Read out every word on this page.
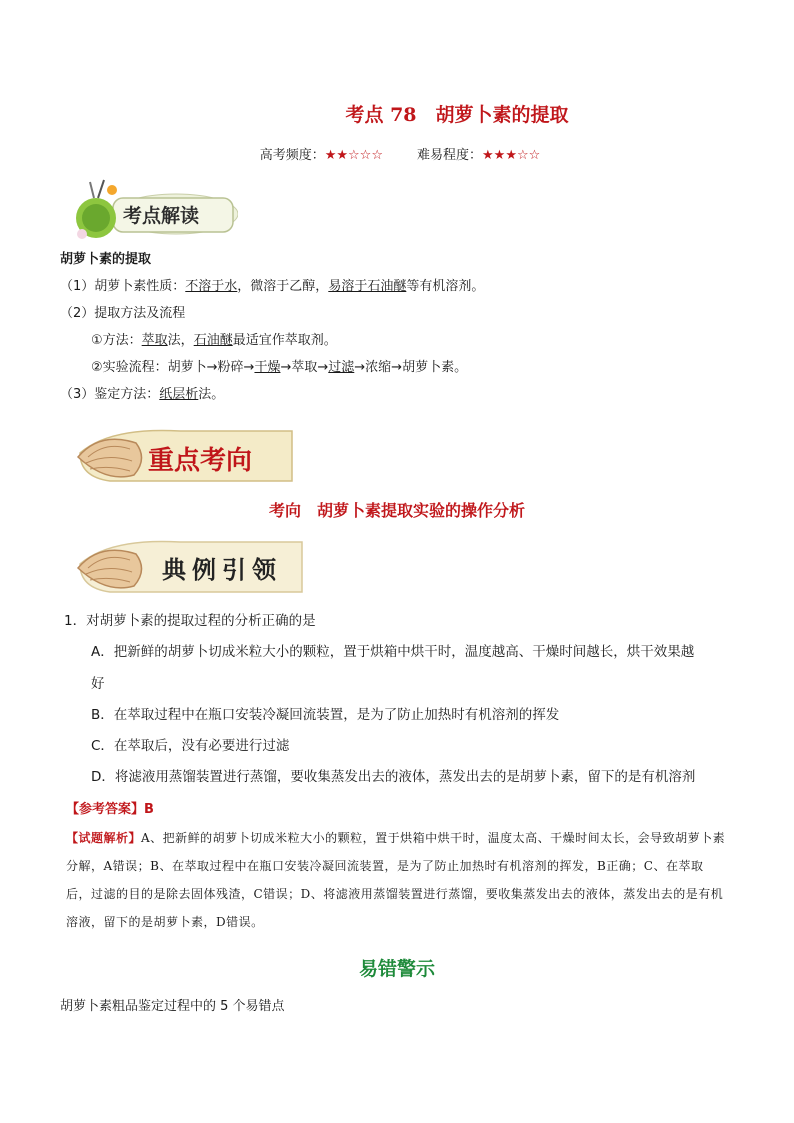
考点 78　胡萝卜素的提取
高考频度：★★☆☆☆	难易程度：★★★☆☆
考点解读
胡萝卜素的提取
（1）胡萝卜素性质：不溶于水，微溶于乙醇，易溶于石油醚等有机溶剂。
（2）提取方法及流程
①方法：萃取法，石油醚最适宜作萃取剂。
②实验流程：胡萝卜→粉碎→干燥→萃取→过滤→浓缩→胡萝卜素。
（3）鉴定方法：纸层析法。
重点考向
考向　胡萝卜素提取实验的操作分析
典例引领
1．对胡萝卜素的提取过程的分析正确的是
A．把新鲜的胡萝卜切成米粒大小的颗粒，置于烘箱中烘干时，温度越高、干燥时间越长，烘干效果越
好
B．在萃取过程中在瓶口安装冷凝回流装置，是为了防止加热时有机溶剂的挥发
C．在萃取后，没有必要进行过滤
D．将滤液用蒸馏装置进行蒸馏，要收集蒸发出去的液体，蒸发出去的是胡萝卜素，留下的是有机溶剂
【参考答案】B
【试题解析】A、把新鲜的胡萝卜切成米粒大小的颗粒，置于烘箱中烘干时，温度太高、干燥时间太长，会导致胡萝卜素分解，A错误；B、在萃取过程中在瓶口安装冷凝回流装置，是为了防止加热时有机溶剂的挥发，B正确；C、在萃取后，过滤的目的是除去固体残渣，C错误；D、将滤液用蒸馏装置进行蒸馏，要收集蒸发出去的液体，蒸发出去的是有机溶液，留下的是胡萝卜素，D错误。
易错警示
胡萝卜素粗品鉴定过程中的 5 个易错点
